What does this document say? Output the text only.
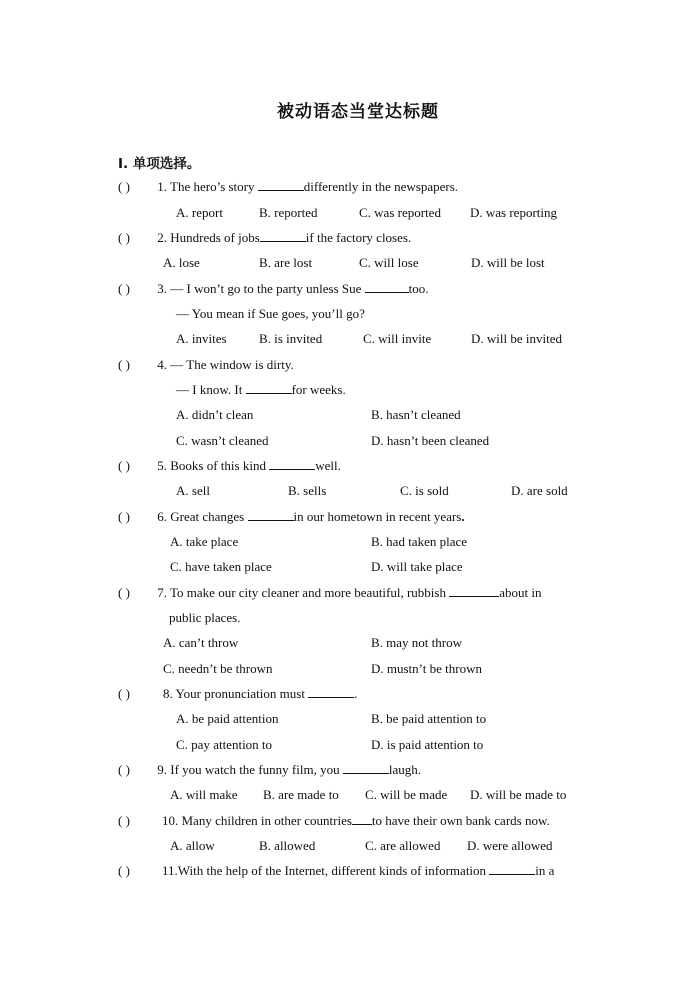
被动语态当堂达标题
I. 单项选择。
( ) 1. The hero’s story	differently in the newspapers.
A. report	B. reported	C. was reported D. was reporting
( ) 2. Hundreds of jobs	if the factory closes.
A. lose	B. are lost	C. will lose	D. will be lost
( ) 3. — I won’t go to the party unless Sue	too.
— You mean if Sue goes, you’ll go?
A. invites B. is invited	C. will invite	D. will be invited
( ) 4. — The window is dirty.
— I know. It	for weeks.
A. didn’t clean	B. hasn’t cleaned
C. wasn’t cleaned	D. hasn’t been cleaned
( ) 5. Books of this kind	well.
A. sell	B. sells	C. is sold	D. are sold
( ) 6. Great changes	in our hometown in recent years.
A. take place	B. had taken place
C. have taken place	D. will take place
( ) 7. To make our city cleaner and more beautiful, rubbish	about in
public places.
A. can’t throw	B. may not throw
C. needn’t be thrown	D. mustn’t be thrown
( )	8. Your pronunciation must	.
A. be paid attention	B. be paid attention to
C. pay attention to	D. is paid attention to
( ) 9. If you watch the funny film, you	laugh.
A. will make B. are made to C. will be made D. will be made to
( ) 10. Many children in other countries to have their own bank cards now.
A. allow	B. allowed	C. are allowed D. were allowed
( ) 11.With the help of the Internet, different kinds of information	in a
